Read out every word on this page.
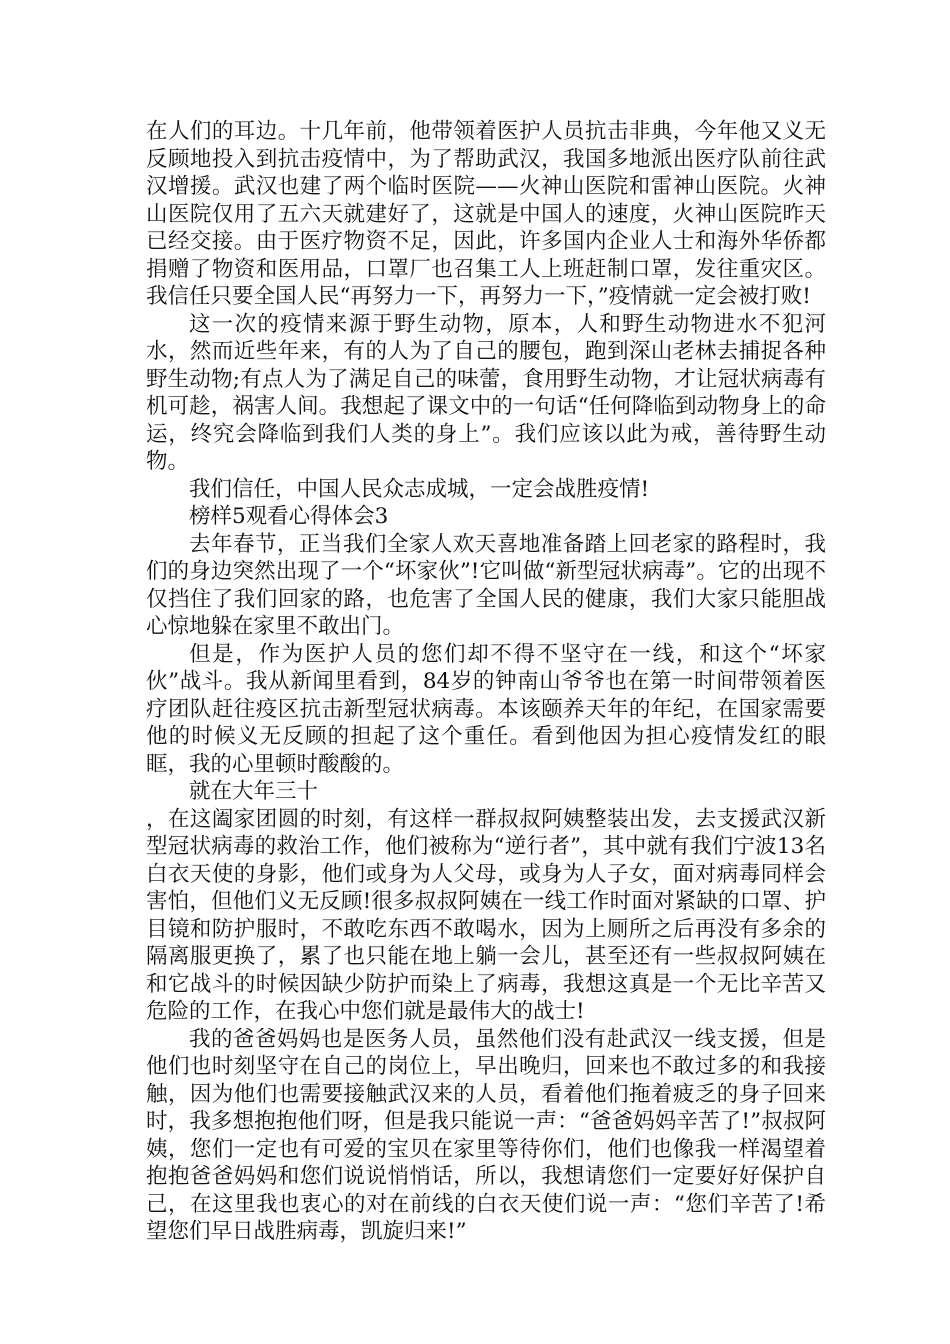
在人们的耳边。十几年前，他带领着医护人员抗击非典，今年他又义无反顾地投入到抗击疫情中，为了帮助武汉，我国多地派出医疗队前往武汉增援。武汉也建了两个临时医院——火神山医院和雷神山医院。火神山医院仅用了五六天就建好了，这就是中国人的速度，火神山医院昨天已经交接。由于医疗物资不足，因此，许多国内企业人士和海外华侨都捐赠了物资和医用品，口罩厂也召集工人上班赶制口罩，发往重灾区。我信任只要全国人民“再努力一下，再努力一下，”疫情就一定会被打败!

这一次的疫情来源于野生动物，原本，人和野生动物进水不犯河水，然而近些年来，有的人为了自己的腰包，跑到深山老林去捕捉各种野生动物;有点人为了满足自己的味蕾，食用野生动物，才让冠状病毒有机可趁，祸害人间。我想起了课文中的一句话“任何降临到动物身上的命运，终究会降临到我们人类的身上”。我们应该以此为戒，善待野生动物。

我们信任，中国人民众志成城，一定会战胜疫情!

榜样5观看心得体会3

去年春节，正当我们全家人欢天喜地准备踏上回老家的路程时，我们的身边突然出现了一个“坏家伙”!它叫做“新型冠状病毒”。它的出现不仅挡住了我们回家的路，也危害了全国人民的健康，我们大家只能胆战心惊地躲在家里不敢出门。

但是，作为医护人员的您们却不得不坚守在一线，和这个“坏家伙”战斗。我从新闻里看到，84岁的钟南山爷爷也在第一时间带领着医疗团队赶往疫区抗击新型冠状病毒。本该颐养天年的年纪，在国家需要他的时候义无反顾的担起了这个重任。看到他因为担心疫情发红的眼眶，我的心里顿时酸酸的。

就在大年三十

，在这阖家团圆的时刻，有这样一群叔叔阿姨整装出发，去支援武汉新型冠状病毒的救治工作，他们被称为“逆行者”，其中就有我们宁波13名白衣天使的身影，他们或身为人父母，或身为人子女，面对病毒同样会害怕，但他们义无反顾!很多叔叔阿姨在一线工作时面对紧缺的口罩、护目镜和防护服时，不敢吃东西不敢喝水，因为上厕所之后再没有多余的隔离服更换了，累了也只能在地上躺一会儿，甚至还有一些叔叔阿姨在和它战斗的时候因缺少防护而染上了病毒，我想这真是一个无比辛苦又危险的工作，在我心中您们就是最伟大的战士!

我的爸爸妈妈也是医务人员，虽然他们没有赴武汉一线支援，但是他们也时刻坚守在自己的岗位上，早出晚归，回来也不敢过多的和我接触，因为他们也需要接触武汉来的人员，看着他们拖着疲乏的身子回来时，我多想抱抱他们呀，但是我只能说一声：“爸爸妈妈辛苦了!”叔叔阿姨，您们一定也有可爱的宝贝在家里等待你们，他们也像我一样渴望着抱抱爸爸妈妈和您们说说悄悄话，所以，我想请您们一定要好好保护自己，在这里我也衷心的对在前线的白衣天使们说一声：“您们辛苦了!希望您们早日战胜病毒，凯旋归来!”
